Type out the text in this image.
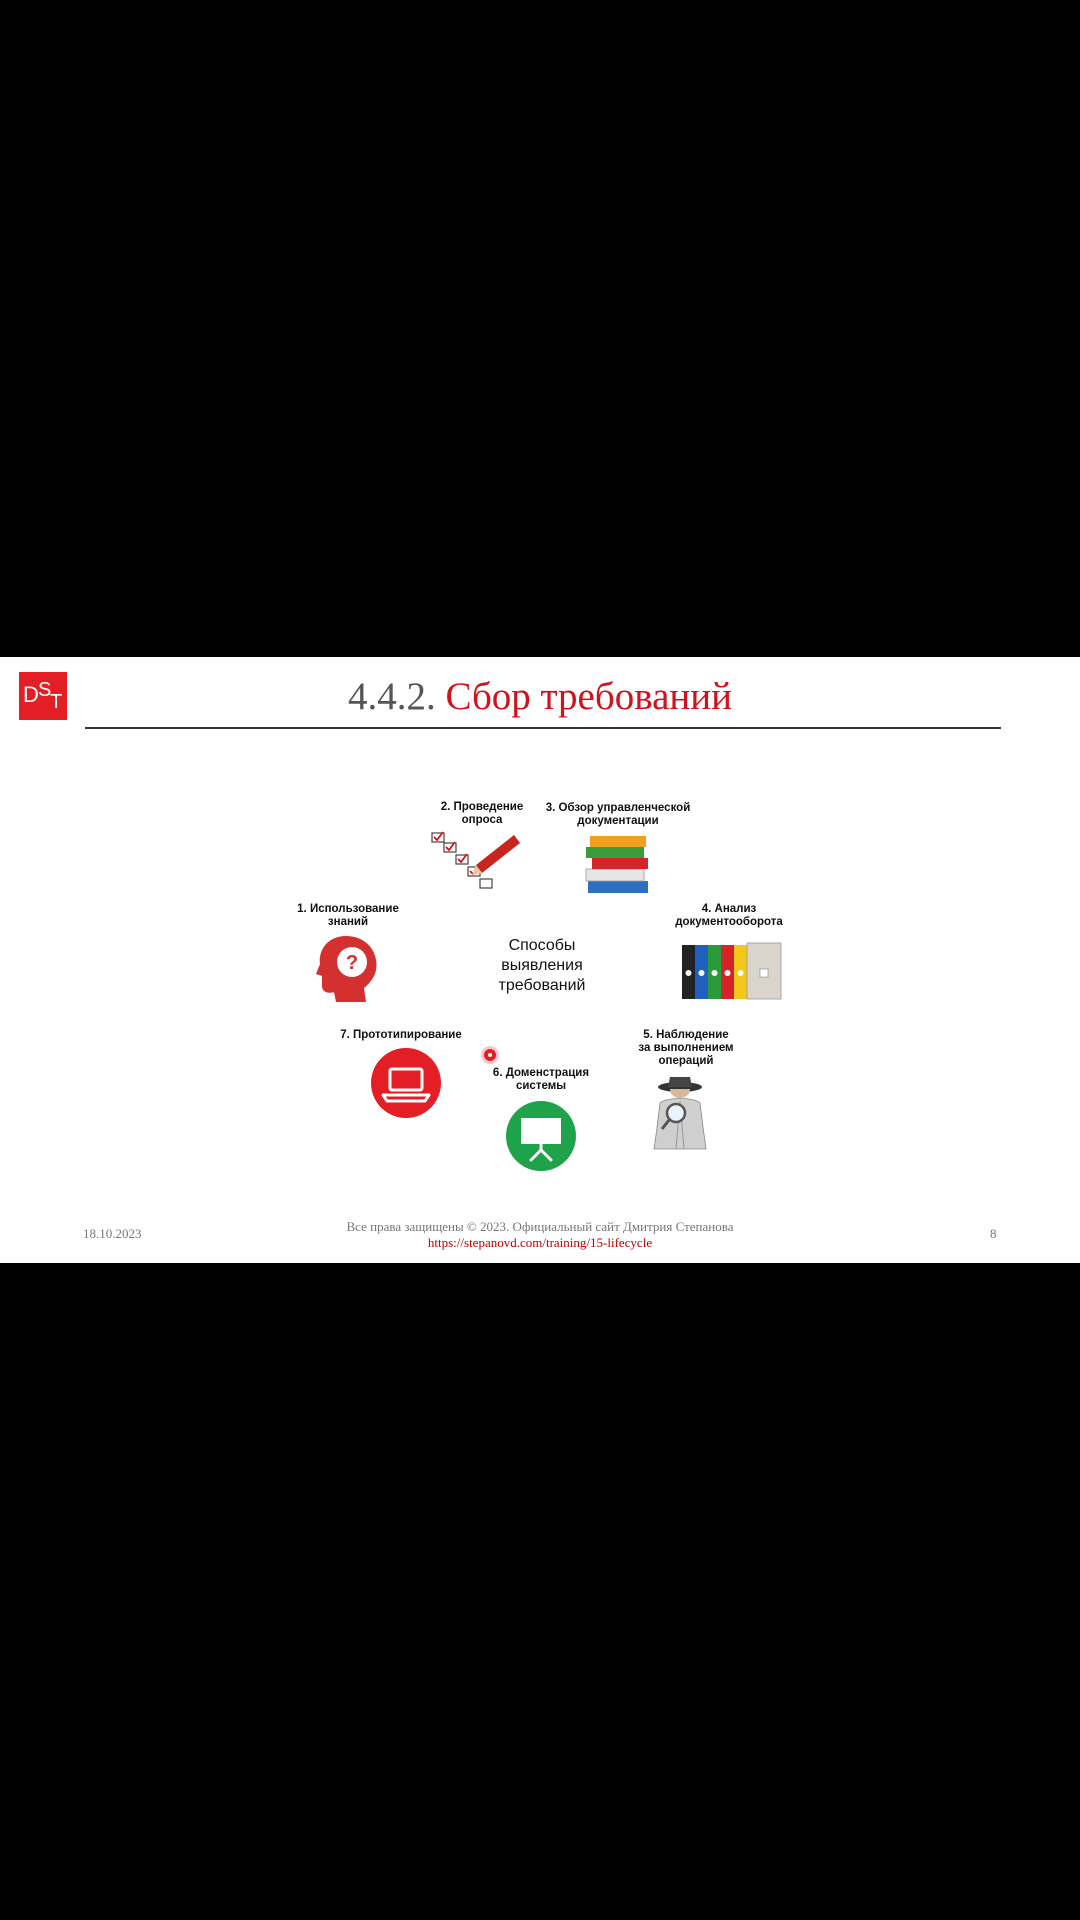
D S
T	4.4.2. Сбор требований
2. Проведение
опроса
3. Обзор управленческой
документации
1. Использование
знаний
?
Способы
выявления
требований
4. Анализ
документооборота
7. Прототипирование
6. Доменстрация
системы
5. Наблюдение
за выполнением
операций
18.10.2023	Все права защищены © 2023. Официальный сайт Дмитрия Степанова
https://stepanovd.com/training/15-lifecycle
8
